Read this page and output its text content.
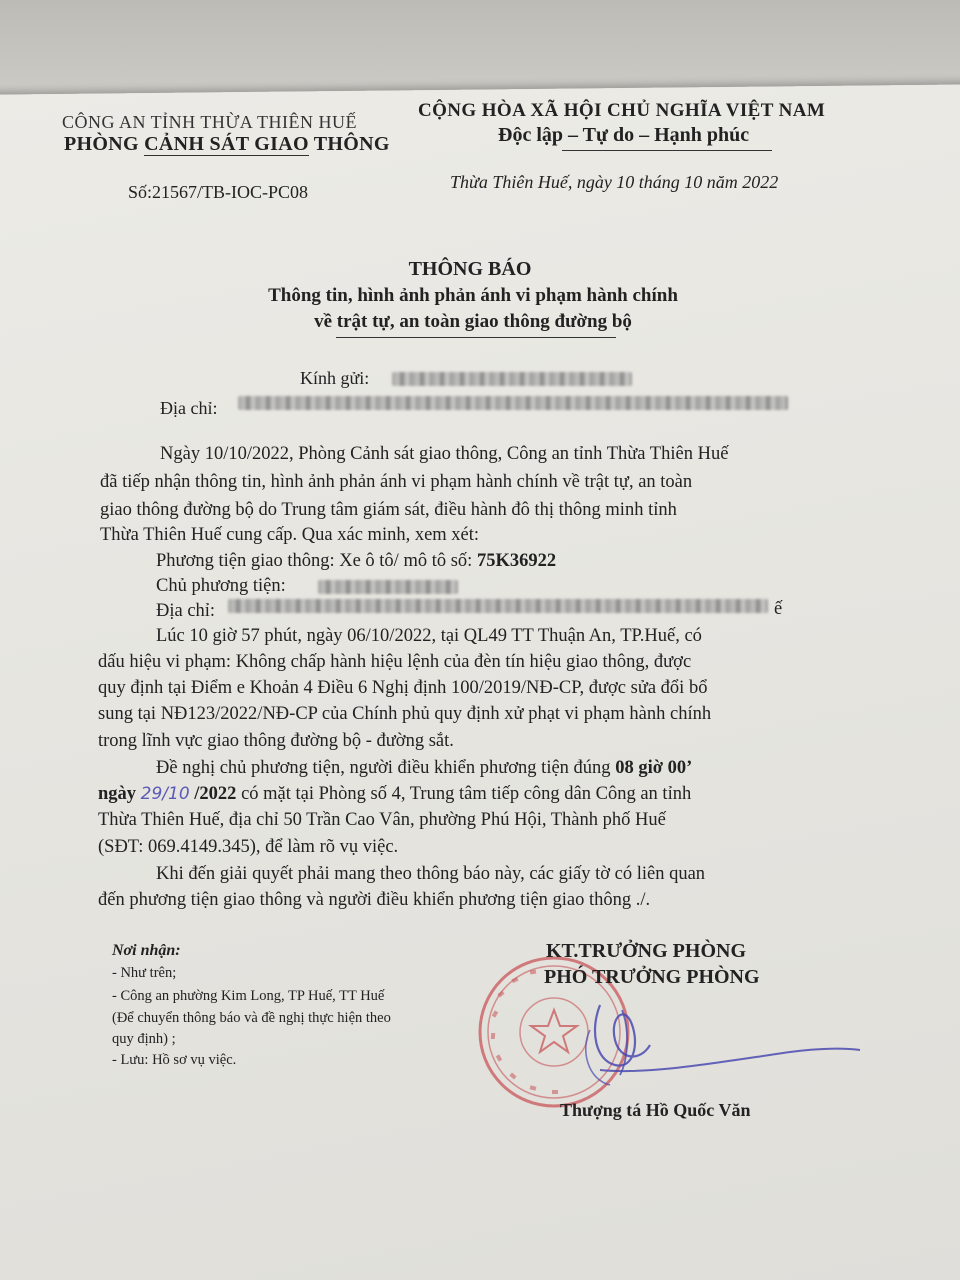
CÔNG AN TỈNH THỪA THIÊN HUẾ
PHÒNG CẢNH SÁT GIAO THÔNG
CỘNG HÒA XÃ HỘI CHỦ NGHĨA VIỆT NAM
Độc lập – Tự do – Hạnh phúc
Số:21567/TB-IOC-PC08	Thừa Thiên Huế, ngày 10 tháng 10 năm 2022
THÔNG BÁO
Thông tin, hình ảnh phản ánh vi phạm hành chính
về trật tự, an toàn giao thông đường bộ
Kính gửi:
Địa chỉ:
Ngày 10/10/2022, Phòng Cảnh sát giao thông, Công an tỉnh Thừa Thiên Huế
đã tiếp nhận thông tin, hình ảnh phản ánh vi phạm hành chính về trật tự, an toàn
giao thông đường bộ do Trung tâm giám sát, điều hành đô thị thông minh tỉnh
Thừa Thiên Huế cung cấp. Qua xác minh, xem xét:
Phương tiện giao thông: Xe ô tô/ mô tô số: 75K36922
Chủ phương tiện:
Địa chỉ:	ế
Lúc 10 giờ 57 phút, ngày 06/10/2022, tại QL49 TT Thuận An, TP.Huế, có
dấu hiệu vi phạm: Không chấp hành hiệu lệnh của đèn tín hiệu giao thông, được
quy định tại Điểm e Khoản 4 Điều 6 Nghị định 100/2019/NĐ-CP, được sửa đổi bổ
sung tại NĐ123/2022/NĐ-CP của Chính phủ quy định xử phạt vi phạm hành chính
trong lĩnh vực giao thông đường bộ - đường sắt.
Đề nghị chủ phương tiện, người điều khiển phương tiện đúng 08 giờ 00’
ngày 29/10 /2022 có mặt tại Phòng số 4, Trung tâm tiếp công dân Công an tỉnh
Thừa Thiên Huế, địa chỉ 50 Trần Cao Vân, phường Phú Hội, Thành phố Huế
(SĐT: 069.4149.345), để làm rõ vụ việc.
Khi đến giải quyết phải mang theo thông báo này, các giấy tờ có liên quan
đến phương tiện giao thông và người điều khiển phương tiện giao thông ./.
Nơi nhận:
- Như trên;
- Công an phường Kim Long, TP Huế, TT Huế
(Để chuyển thông báo và đề nghị thực hiện theo
quy định) ;
- Lưu: Hồ sơ vụ việc.
KT.TRƯỞNG PHÒNG
PHÓ TRƯỞNG PHÒNG
Thượng tá Hồ Quốc Văn
